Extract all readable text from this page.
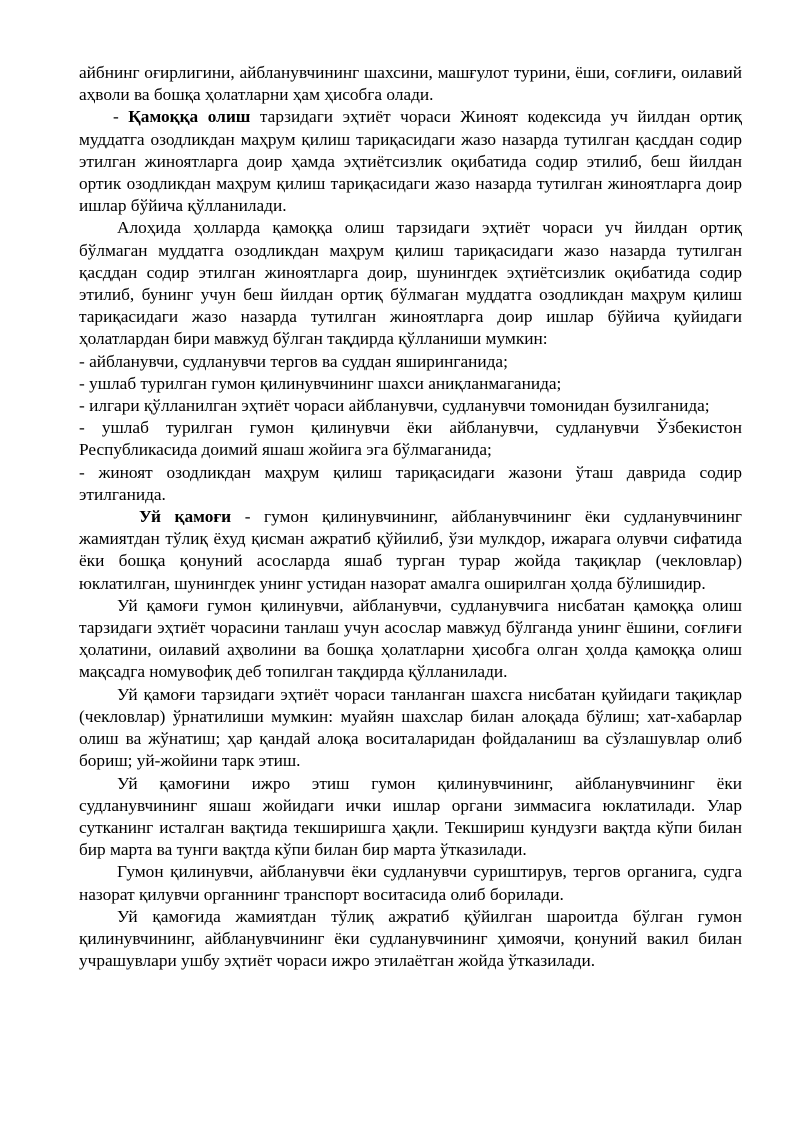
айбнинг оғирлигини, айбланувчининг шахсини, машғулот турини, ёши, соғлиғи, оилавий аҳволи ва бошқа ҳолатларни ҳам ҳисобга олади.

- Қамоққа олиш тарзидаги эҳтиёт чораси Жиноят кодексида уч йилдан ортиқ муддатга озодликдан маҳрум қилиш тариқасидаги жазо назарда тутилган қасддан содир этилган жиноятларга доир ҳамда эҳтиётсизлик оқибатида содир этилиб, беш йилдан ортик озодликдан маҳрум қилиш тариқасидаги жазо назарда тутилган жиноятларга доир ишлар бўйича қўлланилади.

Алоҳида ҳолларда қамоққа олиш тарзидаги эҳтиёт чораси уч йилдан ортиқ бўлмаган муддатга озодликдан маҳрум қилиш тариқасидаги жазо назарда тутилган қасддан содир этилган жиноятларга доир, шунингдек эҳтиётсизлик оқибатида содир этилиб, бунинг учун беш йилдан ортиқ бўлмаган муддатга озодликдан маҳрум қилиш тариқасидаги жазо назарда тутилган жиноятларга доир ишлар бўйича қуйидаги ҳолатлардан бири мавжуд бўлган тақдирда қўлланиши мумкин:

- айбланувчи, судланувчи тергов ва суддан яширинганида;

- ушлаб турилган гумон қилинувчининг шахси аниқланмаганида;

- илгари қўлланилган эҳтиёт чораси айбланувчи, судланувчи томонидан бузилганида;

- ушлаб турилган гумон қилинувчи ёки айбланувчи, судланувчи Ўзбекистон Республикасида доимий яшаш жойига эга бўлмаганида;

- жиноят озодликдан маҳрум қилиш тариқасидаги жазони ўташ даврида содир этилганида.

Уй қамоғи - гумон қилинувчининг, айбланувчининг ёки судланувчининг жамиятдан тўлиқ ёхуд қисман ажратиб қўйилиб, ўзи мулкдор, ижарага олувчи сифатида ёки бошқа қонуний асосларда яшаб турган турар жойда тақиқлар (чекловлар) юклатилган, шунингдек унинг устидан назорат амалга оширилган ҳолда бўлишидир.

Уй қамоғи гумон қилинувчи, айбланувчи, судланувчига нисбатан қамоққа олиш тарзидаги эҳтиёт чорасини танлаш учун асослар мавжуд бўлганда унинг ёшини, соғлиғи ҳолатини, оилавий аҳволини ва бошқа ҳолатларни ҳисобга олган ҳолда қамоққа олиш мақсадга номувофиқ деб топилган тақдирда қўлланилади.

Уй қамоғи тарзидаги эҳтиёт чораси танланган шахсга нисбатан қуйидаги тақиқлар (чекловлар) ўрнатилиши мумкин: муайян шахслар билан алоқада бўлиш; хат-хабарлар олиш ва жўнатиш; ҳар қандай алоқа воситаларидан фойдаланиш ва сўзлашувлар олиб бориш; уй-жойини тарк этиш.

Уй қамоғини ижро этиш гумон қилинувчининг, айбланувчининг ёки судланувчининг яшаш жойидаги ички ишлар органи зиммасига юклатилади. Улар сутканинг исталган вақтида текширишга ҳақли. Текшириш кундузги вақтда кўпи билан бир марта ва тунги вақтда кўпи билан бир марта ўтказилади.

Гумон қилинувчи, айбланувчи ёки судланувчи суриштирув, тергов органига, судга назорат қилувчи органнинг транспорт воситасида олиб борилади.

Уй қамоғида жамиятдан тўлиқ ажратиб қўйилган шароитда бўлган гумон қилинувчининг, айбланувчининг ёки судланувчининг ҳимоячи, қонуний вакил билан учрашувлари ушбу эҳтиёт чораси ижро этилаётган жойда ўтказилади.
